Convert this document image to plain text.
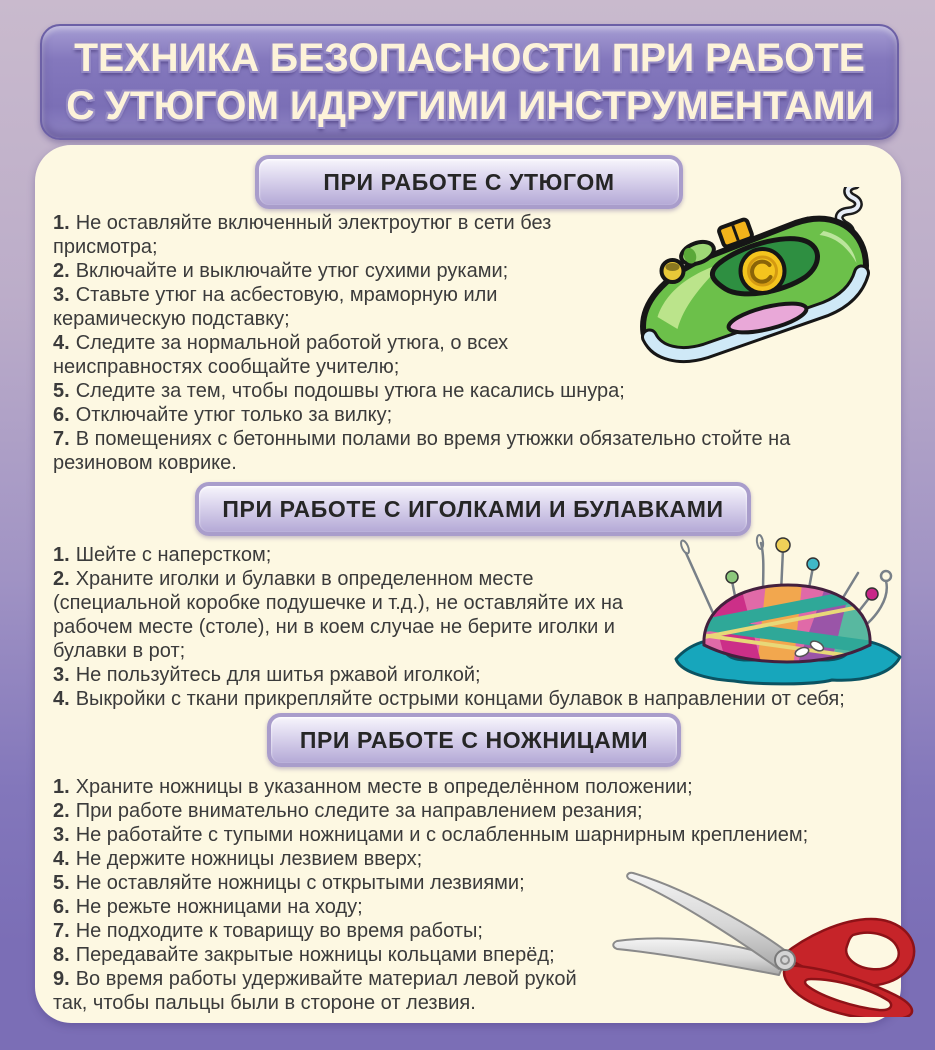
ТЕХНИКА БЕЗОПАСНОСТИ ПРИ РАБОТЕ
С УТЮГОМ ИДРУГИМИ ИНСТРУМЕНТАМИ
ПРИ РАБОТЕ С УТЮГОМ
1. Не оставляйте включенный электроутюг в сети без присмотра;
2. Включайте и выключайте утюг сухими руками;
3. Ставьте утюг на асбестовую, мраморную или керамическую подставку;
4. Следите за нормальной работой утюга, о всех неисправностях сообщайте учителю;
5. Следите за тем, чтобы подошвы утюга не касались шнура;
6. Отключайте утюг только за вилку;
7. В помещениях с бетонными полами во время утюжки обязательно стойте на резиновом коврике.
ПРИ РАБОТЕ С ИГОЛКАМИ И БУЛАВКАМИ
1. Шейте с наперстком;
2. Храните иголки и булавки в определенном месте (специальной коробке подушечке и т.д.), не оставляйте их на рабочем месте (столе), ни в коем случае не берите иголки и булавки в рот;
3. Не пользуйтесь для шитья ржавой иголкой;
4. Выкройки с ткани прикрепляйте острыми концами булавок в направлении от себя;
ПРИ РАБОТЕ С НОЖНИЦАМИ
1. Храните ножницы в указанном месте в определённом положении;
2. При работе внимательно следите за направлением резания;
3. Не работайте с тупыми ножницами и с ослабленным шарнирным креплением;
4. Не держите ножницы лезвием вверх;
5. Не оставляйте ножницы с открытыми лезвиями;
6. Не режьте ножницами на ходу;
7. Не подходите к товарищу во время работы;
8. Передавайте закрытые ножницы кольцами вперёд;
9. Во время работы удерживайте материал левой рукой так, чтобы пальцы были в стороне от лезвия.
